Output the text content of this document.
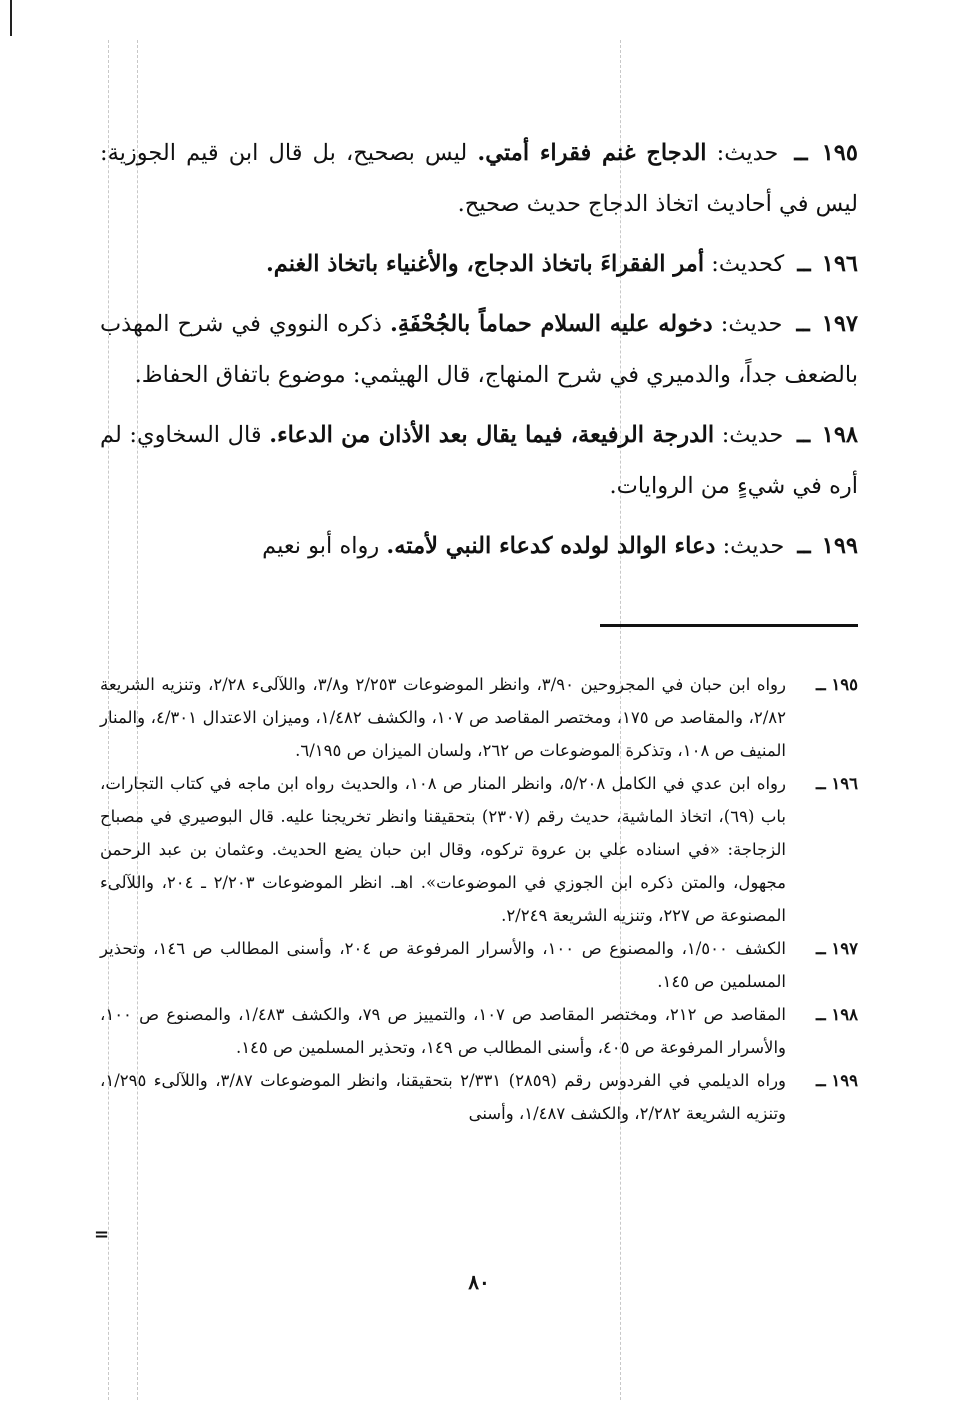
١٩٥ ــ حديث: الدجاج غنم فقراء أمتي. ليس بصحيح، بل قال ابن قيم الجوزية: ليس في أحاديث اتخاذ الدجاج حديث صحيح.

١٩٦ ــ كحديث: أمر الفقراءَ باتخاذ الدجاج، والأغنياء باتخاذ الغنم.

١٩٧ ــ حديث: دخوله عليه السلام حماماً بالجُحْفَةِ. ذكره النووي في شرح المهذب بالضعف جداً، والدميري في شرح المنهاج، قال الهيثمي: موضوع باتفاق الحفاظ.

١٩٨ ــ حديث: الدرجة الرفيعة، فيما يقال بعد الأذان من الدعاء. قال السخاوي: لم أره في شيءٍ من الروايات.

١٩٩ ــ حديث: دعاء الوالد لولده كدعاء النبي لأمته. رواه أبو نعيم

١٩٥ ــ
رواه ابن حبان في المجروحين ٣/٩٠، وانظر الموضوعات ٢/٢٥٣ و٣/٨، واللآلىء ٢/٢٨، وتنزيه الشريعة ٢/٨٢، والمقاصد ص ١٧٥، ومختصر المقاصد ص ١٠٧، والكشف ١/٤٨٢، وميزان الاعتدال ٤/٣٠١، والمنار المنيف ص ١٠٨، وتذكرة الموضوعات ص ٢٦٢، ولسان الميزان ص ٦/١٩٥.
١٩٦ ــ
رواه ابن عدي في الكامل ٥/٢٠٨، وانظر المنار ص ١٠٨، والحديث رواه ابن ماجه في كتاب التجارات، باب (٦٩)، اتخاذ الماشية، حديث رقم (٢٣٠٧) بتحقيقنا وانظر تخريجنا عليه. قال البوصيري في مصباح الزجاجة: «في اسناده علي بن عروة تركوه، وقال ابن حبان يضع الحديث. وعثمان بن عبد الرحمن مجهول، والمتن ذكره ابن الجوزي في الموضوعات». اهـ. انظر الموضوعات ٢/٢٠٣ ـ ٢٠٤، واللآلىء المصنوعة ص ٢٢٧، وتنزيه الشريعة ٢/٢٤٩.
١٩٧ ــ
الكشف ١/٥٠٠، والمصنوع ص ١٠٠، والأسرار المرفوعة ص ٢٠٤، وأسنى المطالب ص ١٤٦، وتحذير المسلمين ص ١٤٥.
١٩٨ ــ
المقاصد ص ٢١٢، ومختصر المقاصد ص ١٠٧، والتمييز ص ٧٩، والكشف ١/٤٨٣، والمصنوع ص ١٠٠، والأسرار المرفوعة ص ٤٠٥، وأسنى المطالب ص ١٤٩، وتحذير المسلمين ص ١٤٥.
١٩٩ ــ
وراه الديلمي في الفردوس رقم (٢٨٥٩) ٢/٣٣١ بتحقيقنا، وانظر الموضوعات ٣/٨٧، واللآلىء ١/٢٩٥، وتنزيه الشريعة ٢/٢٨٢، والكشف ١/٤٨٧، وأسنى
=
٨٠
